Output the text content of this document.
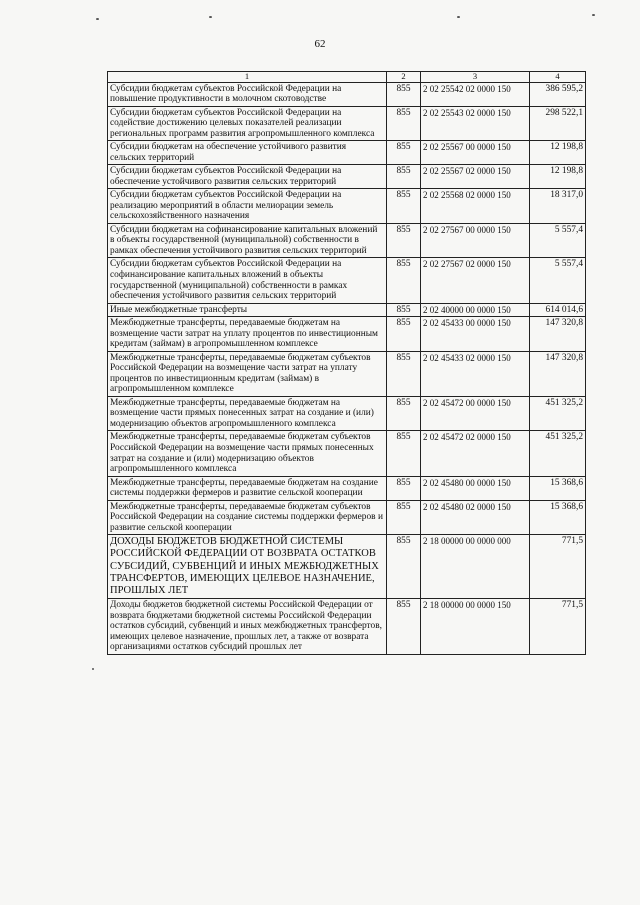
62
1	2	3	4
Субсидии бюджетам субъектов Российской Федерации на повышение продуктивности в молочном скотоводстве	855	2 02 25542 02 0000 150	386 595,2
Субсидии бюджетам субъектов Российской Федерации на содействие достижению целевых показателей реализации региональных программ развития агропромышленного комплекса	855	2 02 25543 02 0000 150	298 522,1
Субсидии бюджетам на обеспечение устойчивого развития сельских территорий	855	2 02 25567 00 0000 150	12 198,8
Субсидии бюджетам субъектов Российской Федерации на обеспечение устойчивого развития сельских территорий	855	2 02 25567 02 0000 150	12 198,8
Субсидии бюджетам субъектов Российской Федерации на реализацию мероприятий в области мелиорации земель сельскохозяйственного назначения	855	2 02 25568 02 0000 150	18 317,0
Субсидии бюджетам на софинансирование капитальных вложений в объекты государственной (муниципальной) собственности в рамках обеспечения устойчивого развития сельских территорий	855	2 02 27567 00 0000 150	5 557,4
Субсидии бюджетам субъектов Российской Федерации на софинансирование капитальных вложений в объекты государственной (муниципальной) собственности в рамках обеспечения устойчивого развития сельских территорий	855	2 02 27567 02 0000 150	5 557,4
Иные межбюджетные трансферты	855	2 02 40000 00 0000 150	614 014,6
Межбюджетные трансферты, передаваемые бюджетам на возмещение части затрат на уплату процентов по инвестиционным кредитам (займам) в агропромышленном комплексе	855	2 02 45433 00 0000 150	147 320,8
Межбюджетные трансферты, передаваемые бюджетам субъектов Российской Федерации на возмещение части затрат на уплату процентов по инвестиционным кредитам (займам) в агропромышленном комплексе	855	2 02 45433 02 0000 150	147 320,8
Межбюджетные трансферты, передаваемые бюджетам на возмещение части прямых понесенных затрат на создание и (или) модернизацию объектов агропромышленного комплекса	855	2 02 45472 00 0000 150	451 325,2
Межбюджетные трансферты, передаваемые бюджетам субъектов Российской Федерации на возмещение части прямых понесенных затрат на создание и (или) модернизацию объектов агропромышленного комплекса	855	2 02 45472 02 0000 150	451 325,2
Межбюджетные трансферты, передаваемые бюджетам на создание системы поддержки фермеров и развитие сельской кооперации	855	2 02 45480 00 0000 150	15 368,6
Межбюджетные трансферты, передаваемые бюджетам субъектов Российской Федерации на создание системы поддержки фермеров и развитие сельской кооперации	855	2 02 45480 02 0000 150	15 368,6
ДОХОДЫ БЮДЖЕТОВ БЮДЖЕТНОЙ СИСТЕМЫ РОССИЙСКОЙ ФЕДЕРАЦИИ ОТ ВОЗВРАТА ОСТАТКОВ СУБСИДИЙ, СУБВЕНЦИЙ И ИНЫХ МЕЖБЮДЖЕТНЫХ ТРАНСФЕРТОВ, ИМЕЮЩИХ ЦЕЛЕВОЕ НАЗНАЧЕНИЕ, ПРОШЛЫХ ЛЕТ	855	2 18 00000 00 0000 000	771,5
Доходы бюджетов бюджетной системы Российской Федерации от возврата бюджетами бюджетной системы Российской Федерации остатков субсидий, субвенций и иных межбюджетных трансфертов, имеющих целевое назначение, прошлых лет, а также от возврата организациями остатков субсидий прошлых лет	855	2 18 00000 00 0000 150	771,5
